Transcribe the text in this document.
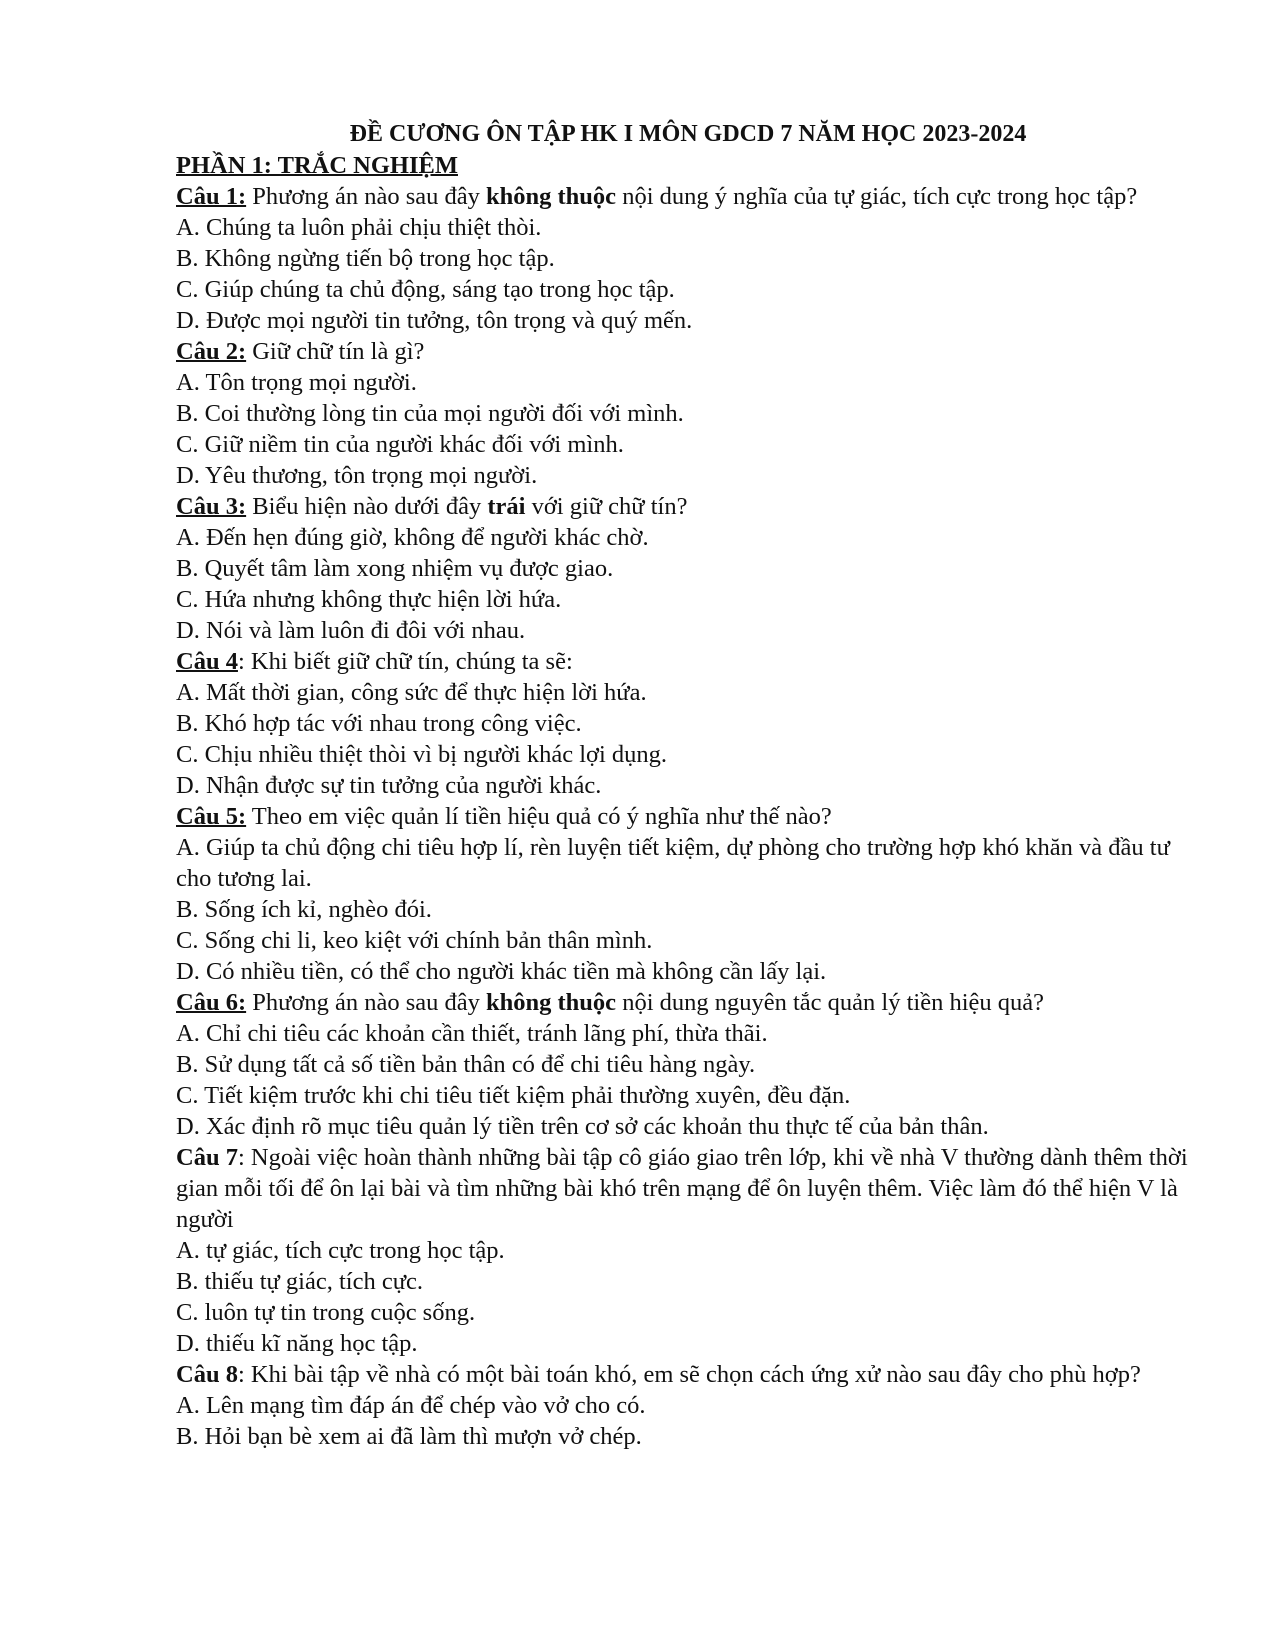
ĐỀ CƯƠNG ÔN TẬP HK I MÔN GDCD 7 NĂM HỌC 2023-2024
PHẦN 1: TRẮC NGHIỆM
Câu 1: Phương án nào sau đây không thuộc nội dung ý nghĩa của tự giác, tích cực trong học tập?
A. Chúng ta luôn phải chịu thiệt thòi.
B. Không ngừng tiến bộ trong học tập.
C. Giúp chúng ta chủ động, sáng tạo trong học tập.
D. Được mọi người tin tưởng, tôn trọng và quý mến.
Câu 2: Giữ chữ tín là gì?
A. Tôn trọng mọi người.
B. Coi thường lòng tin của mọi người đối với mình.
C. Giữ niềm tin của người khác đối với mình.
D. Yêu thương, tôn trọng mọi người.
Câu 3: Biểu hiện nào dưới đây trái với giữ chữ tín?
A. Đến hẹn đúng giờ, không để người khác chờ.
B. Quyết tâm làm xong nhiệm vụ được giao.
C. Hứa nhưng không thực hiện lời hứa.
D. Nói và làm luôn đi đôi với nhau.
Câu 4: Khi biết giữ chữ tín, chúng ta sẽ:
A. Mất thời gian, công sức để thực hiện lời hứa.
B. Khó hợp tác với nhau trong công việc.
C. Chịu nhiều thiệt thòi vì bị người khác lợi dụng.
D. Nhận được sự tin tưởng của người khác.
Câu 5: Theo em việc quản lí tiền hiệu quả có ý nghĩa như thế nào?
A. Giúp ta chủ động chi tiêu hợp lí, rèn luyện tiết kiệm, dự phòng cho trường hợp khó khăn và đầu tư cho tương lai.
B. Sống ích kỉ, nghèo đói.
C. Sống chi li, keo kiệt với chính bản thân mình.
D. Có nhiều tiền, có thể cho người khác tiền mà không cần lấy lại.
Câu 6: Phương án nào sau đây không thuộc nội dung nguyên tắc quản lý tiền hiệu quả?
A. Chỉ chi tiêu các khoản cần thiết, tránh lãng phí, thừa thãi.
B. Sử dụng tất cả số tiền bản thân có để chi tiêu hàng ngày.
C. Tiết kiệm trước khi chi tiêu tiết kiệm phải thường xuyên, đều đặn.
D. Xác định rõ mục tiêu quản lý tiền trên cơ sở các khoản thu thực tế của bản thân.
Câu 7: Ngoài việc hoàn thành những bài tập cô giáo giao trên lớp, khi về nhà V thường dành thêm thời gian mỗi tối để ôn lại bài và tìm những bài khó trên mạng để ôn luyện thêm. Việc làm đó thể hiện V là người
A. tự giác, tích cực trong học tập.
B. thiếu tự giác, tích cực.
C. luôn tự tin trong cuộc sống.
D. thiếu kĩ năng học tập.
Câu 8: Khi bài tập về nhà có một bài toán khó, em sẽ chọn cách ứng xử nào sau đây cho phù hợp?
A. Lên mạng tìm đáp án để chép vào vở cho có.
B. Hỏi bạn bè xem ai đã làm thì mượn vở chép.
